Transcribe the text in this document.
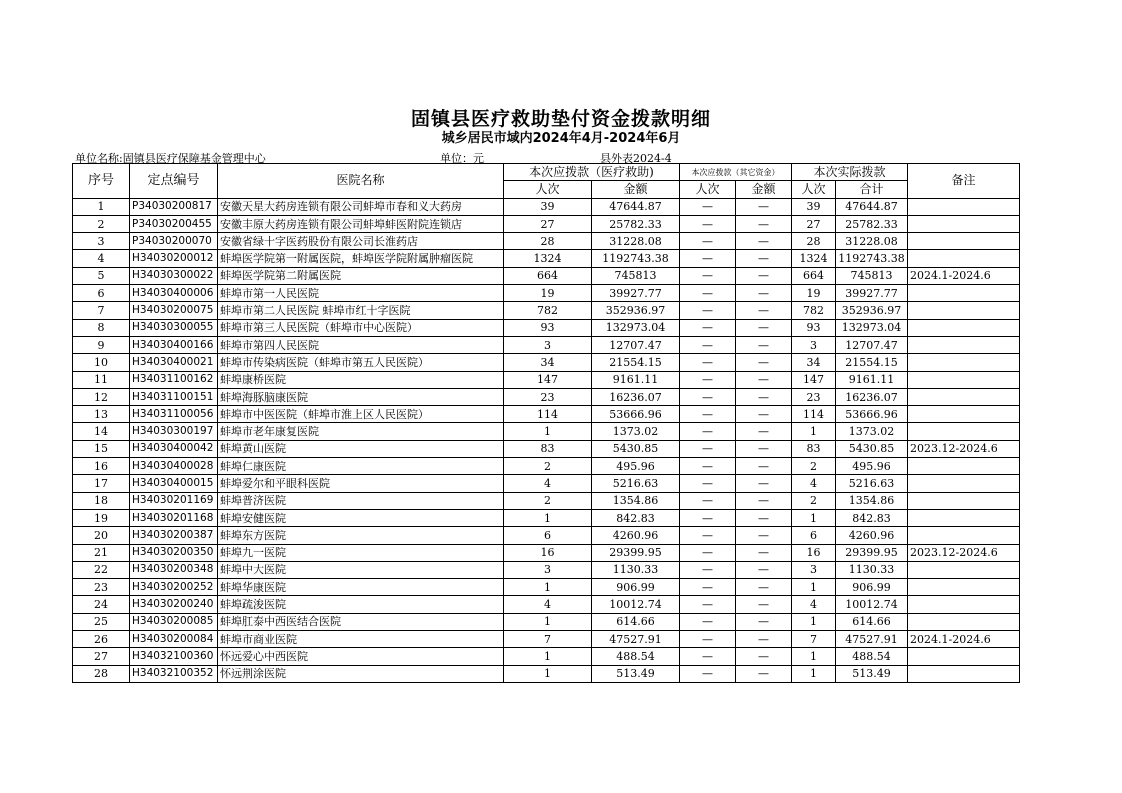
固镇县医疗救助垫付资金拨款明细
城乡居民市域内2024年4月-2024年6月
单位名称:固镇县医疗保障基金管理中心	单位：元	县外表2024-4
序号	定点编号	医院名称	本次应拨款（医疗救助)		本次应拨款（其它资金）		本次实际拨款		备注
			人次	金额	人次	金额	人次	合计	
1	P34030200817	安徽天星大药房连锁有限公司蚌埠市春和义大药房	39	47644.87	—	—	39	47644.87	
2	P34030200455	安徽丰原大药房连锁有限公司蚌埠蚌医附院连锁店	27	25782.33	—	—	27	25782.33	
3	P34030200070	安徽省绿十字医药股份有限公司长淮药店	28	31228.08	—	—	28	31228.08	
4	H34030200012	蚌埠医学院第一附属医院，蚌埠医学院附属肿瘤医院	1324	1192743.38	—	—	1324	1192743.38	
5	H34030300022	蚌埠医学院第二附属医院	664	745813	—	—	664	745813	2024.1-2024.6
6	H34030400006	蚌埠市第一人民医院	19	39927.77	—	—	19	39927.77	
7	H34030200075	蚌埠市第二人民医院 蚌埠市红十字医院	782	352936.97	—	—	782	352936.97	
8	H34030300055	蚌埠市第三人民医院（蚌埠市中心医院）	93	132973.04	—	—	93	132973.04	
9	H34030400166	蚌埠市第四人民医院	3	12707.47	—	—	3	12707.47	
10	H34030400021	蚌埠市传染病医院（蚌埠市第五人民医院）	34	21554.15	—	—	34	21554.15	
11	H34031100162	蚌埠康桥医院	147	9161.11	—	—	147	9161.11	
12	H34031100151	蚌埠海豚脑康医院	23	16236.07	—	—	23	16236.07	
13	H34031100056	蚌埠市中医医院（蚌埠市淮上区人民医院）	114	53666.96	—	—	114	53666.96	
14	H34030300197	蚌埠市老年康复医院	1	1373.02	—	—	1	1373.02	
15	H34030400042	蚌埠黄山医院	83	5430.85	—	—	83	5430.85	2023.12-2024.6
16	H34030400028	蚌埠仁康医院	2	495.96	—	—	2	495.96	
17	H34030400015	蚌埠爱尔和平眼科医院	4	5216.63	—	—	4	5216.63	
18	H34030201169	蚌埠普济医院	2	1354.86	—	—	2	1354.86	
19	H34030201168	蚌埠安健医院	1	842.83	—	—	1	842.83	
20	H34030200387	蚌埠东方医院	6	4260.96	—	—	6	4260.96	
21	H34030200350	蚌埠九一医院	16	29399.95	—	—	16	29399.95	2023.12-2024.6
22	H34030200348	蚌埠中大医院	3	1130.33	—	—	3	1130.33	
23	H34030200252	蚌埠华康医院	1	906.99	—	—	1	906.99	
24	H34030200240	蚌埠疏浚医院	4	10012.74	—	—	4	10012.74	
25	H34030200085	蚌埠肛泰中西医结合医院	1	614.66	—	—	1	614.66	
26	H34030200084	蚌埠市商业医院	7	47527.91	—	—	7	47527.91	2024.1-2024.6
27	H34032100360	怀远爱心中西医院	1	488.54	—	—	1	488.54	
28	H34032100352	怀远荆涂医院	1	513.49	—	—	1	513.49	
